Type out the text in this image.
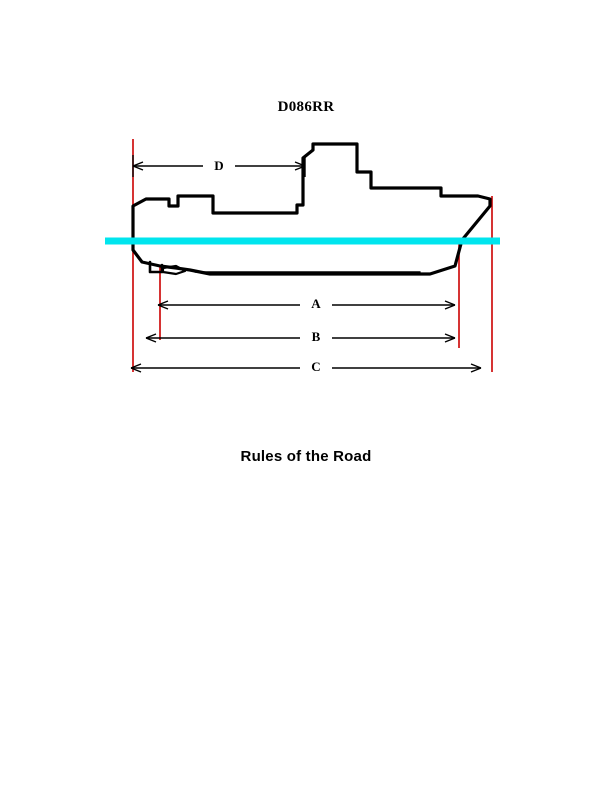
D086RR
D
A
B
C
Rules of the Road
